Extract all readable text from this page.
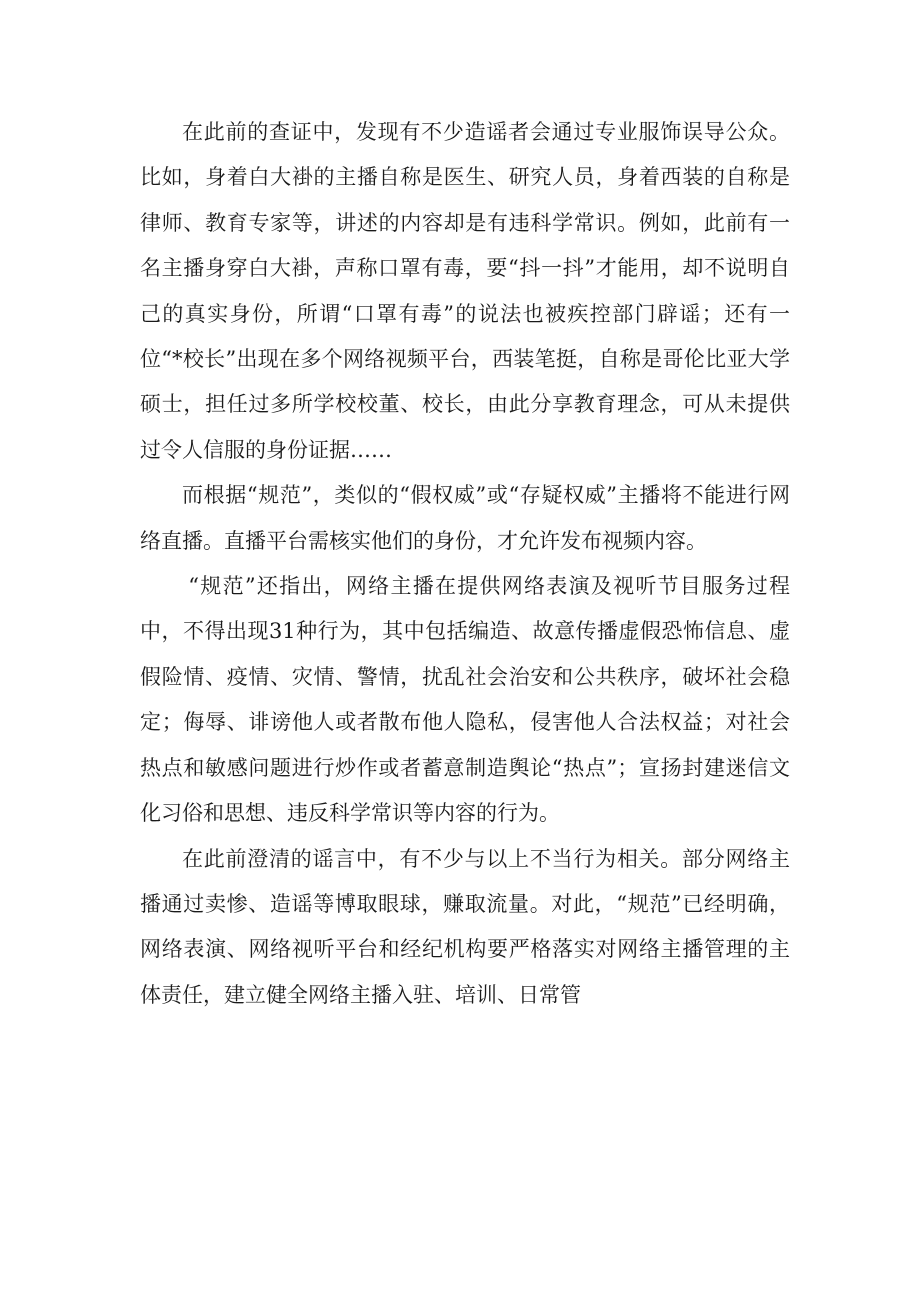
在此前的查证中，发现有不少造谣者会通过专业服饰误导公众。比如，身着白大褂的主播自称是医生、研究人员，身着西装的自称是律师、教育专家等，讲述的内容却是有违科学常识。例如，此前有一名主播身穿白大褂，声称口罩有毒，要“抖一抖”才能用，却不说明自己的真实身份，所谓“口罩有毒”的说法也被疾控部门辟谣；还有一位“*校长”出现在多个网络视频平台，西装笔挺，自称是哥伦比亚大学硕士，担任过多所学校校董、校长，由此分享教育理念，可从未提供过令人信服的身份证据……

而根据“规范”，类似的“假权威”或“存疑权威”主播将不能进行网络直播。直播平台需核实他们的身份，才允许发布视频内容。

“规范”还指出，网络主播在提供网络表演及视听节目服务过程中，不得出现31种行为，其中包括编造、故意传播虚假恐怖信息、虚假险情、疫情、灾情、警情，扰乱社会治安和公共秩序，破坏社会稳定；侮辱、诽谤他人或者散布他人隐私，侵害他人合法权益；对社会热点和敏感问题进行炒作或者蓄意制造舆论“热点”；宣扬封建迷信文化习俗和思想、违反科学常识等内容的行为。

在此前澄清的谣言中，有不少与以上不当行为相关。部分网络主播通过卖惨、造谣等博取眼球，赚取流量。对此，“规范”已经明确，网络表演、网络视听平台和经纪机构要严格落实对网络主播管理的主体责任，建立健全网络主播入驻、培训、日常管
